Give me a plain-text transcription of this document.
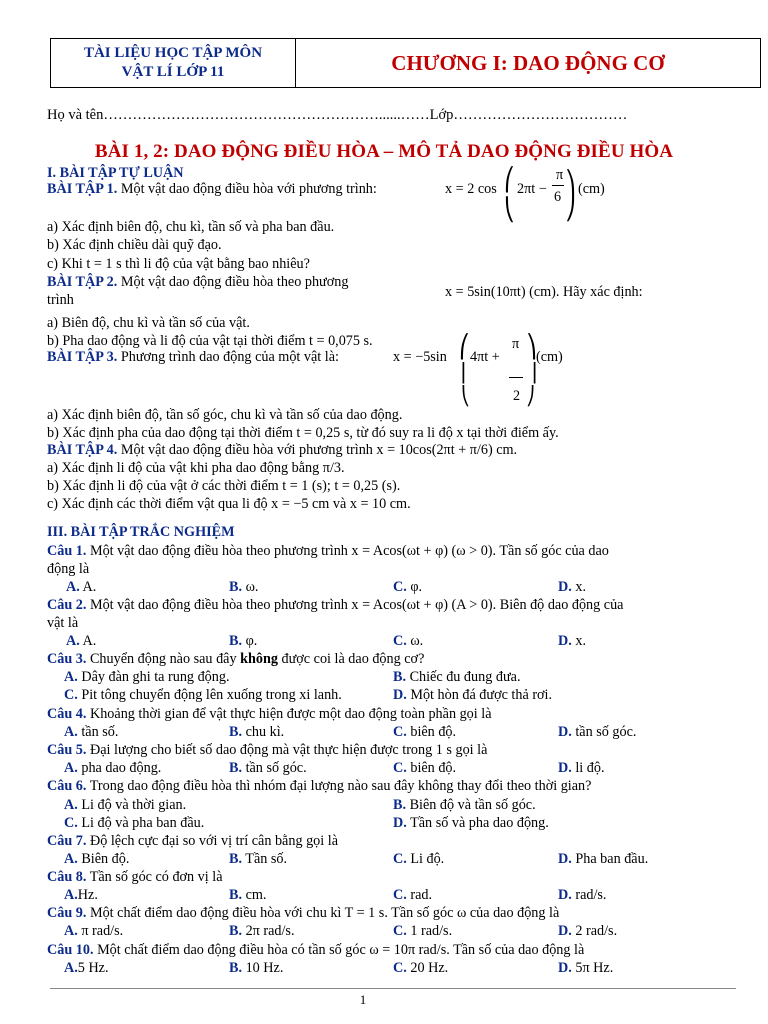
TÀI LIỆU HỌC TẬP MÔN
VẬT LÍ LỚP 11	CHƯƠNG I: DAO ĐỘNG CƠ
Họ và tên…………………………………………………......……Lớp………………………………
BÀI 1, 2: DAO ĐỘNG ĐIỀU HÒA – MÔ TẢ DAO ĐỘNG ĐIỀU HÒA
I. BÀI TẬP TỰ LUẬN
BÀI TẬP 1. Một vật dao động điều hòa với phương trình:	x = 2 cos ⎛
⎝
2πt −
π
6
⎞
⎠
(cm)
a) Xác định biên độ, chu kì, tần số và pha ban đầu.
b) Xác định chiều dài quỹ đạo.
c) Khi t = 1 s thì li độ của vật bằng bao nhiêu?
BÀI TẬP 2. Một vật dao động điều hòa theo phương
x = 5sin(10πt) (cm). Hãy xác định:
trình
a) Biên độ, chu kì và tần số của vật.
b) Pha dao động và li độ của vật tại thời điểm t = 0,075 s.
BÀI TẬP 3. Phương trình dao động của một vật là:	x = −5sin ⎛
⎜
⎝
4πt +
π
2
⎞
⎟
⎠
(cm)
a) Xác định biên độ, tần số góc, chu kì và tần số của dao động.
b) Xác định pha của dao động tại thời điểm t = 0,25 s, từ đó suy ra li độ x tại thời điểm ấy.
BÀI TẬP 4. Một vật dao động điều hòa với phương trình x = 10cos(2πt + π/6) cm.
a) Xác định li độ của vật khi pha dao động bằng π/3.
b) Xác định li độ của vật ở các thời điểm t = 1 (s); t = 0,25 (s).
c) Xác định các thời điểm vật qua li độ x = −5 cm và x = 10 cm.
III. BÀI TẬP TRẮC NGHIỆM
Câu 1. Một vật dao động điều hòa theo phương trình x = Acos(ωt + φ) (ω > 0). Tần số góc của dao
động là
A. A.	B. ω.	C. φ.	D. x.
Câu 2. Một vật dao động điều hòa theo phương trình x = Acos(ωt + φ) (A > 0). Biên độ dao động của
vật là
A. A.	B. φ.	C. ω.	D. x.
Câu 3. Chuyển động nào sau đây không được coi là dao động cơ?
A. Dây đàn ghi ta rung động.	B. Chiếc đu đung đưa.
C. Pit tông chuyển động lên xuống trong xi lanh.	D. Một hòn đá được thả rơi.
Câu 4. Khoảng thời gian để vật thực hiện được một dao động toàn phần gọi là
A. tần số.	B. chu kì.	C. biên độ.	D. tần số góc.
Câu 5. Đại lượng cho biết số dao động mà vật thực hiện được trong 1 s gọi là
A. pha dao động.	B. tần số góc.	C. biên độ.	D. li độ.
Câu 6. Trong dao động điều hòa thì nhóm đại lượng nào sau đây không thay đổi theo thời gian?
A. Li độ và thời gian.	B. Biên độ và tần số góc.
C. Li độ và pha ban đầu.	D. Tần số và pha dao động.
Câu 7. Độ lệch cực đại so với vị trí cân bằng gọi là
A. Biên độ.	B. Tần số.	C. Li độ.	D. Pha ban đầu.
Câu 8. Tần số góc có đơn vị là
A.Hz.	B. cm.	C. rad.	D. rad/s.
Câu 9. Một chất điểm dao động điều hòa với chu kì T = 1 s. Tần số góc ω của dao động là
A. π rad/s.	B. 2π rad/s.	C. 1 rad/s.	D. 2 rad/s.
Câu 10. Một chất điểm dao động điều hòa có tần số góc ω = 10π rad/s. Tần số của dao động là
A.5 Hz.	B. 10 Hz.	C. 20 Hz.	D. 5π Hz.
1
